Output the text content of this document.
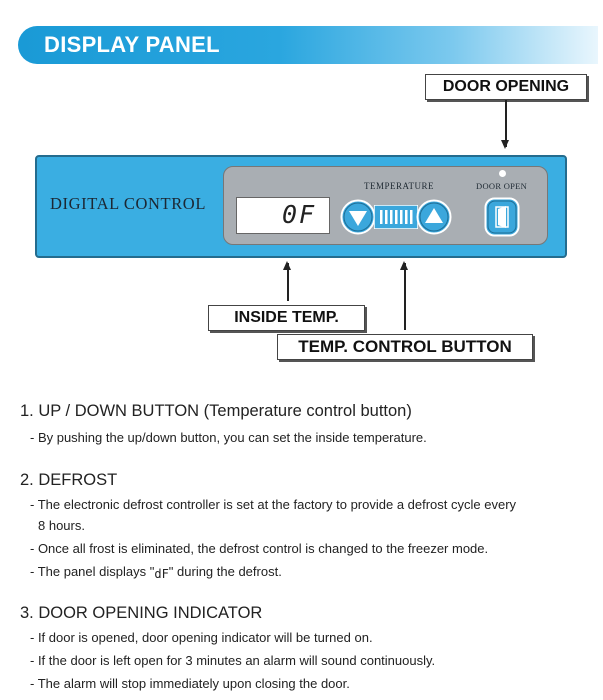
DISPLAY PANEL
DOOR OPENING
DIGITAL CONTROL	0F
TEMPERATURE	DOOR OPEN
INSIDE TEMP.
TEMP. CONTROL BUTTON
1. UP / DOWN BUTTON (Temperature control button)
- By pushing the up/down button, you can set the inside temperature.
2. DEFROST
- The electronic defrost controller is set at the factory to provide a defrost cycle every
8 hours.
- Once all frost is eliminated, the defrost control is changed to the freezer mode.
- The panel displays "dF" during the defrost.
3. DOOR OPENING INDICATOR
- If door is opened, door opening indicator will be turned on.
- If the door is left open for 3 minutes an alarm will sound continuously.
- The alarm will stop immediately upon closing the door.
